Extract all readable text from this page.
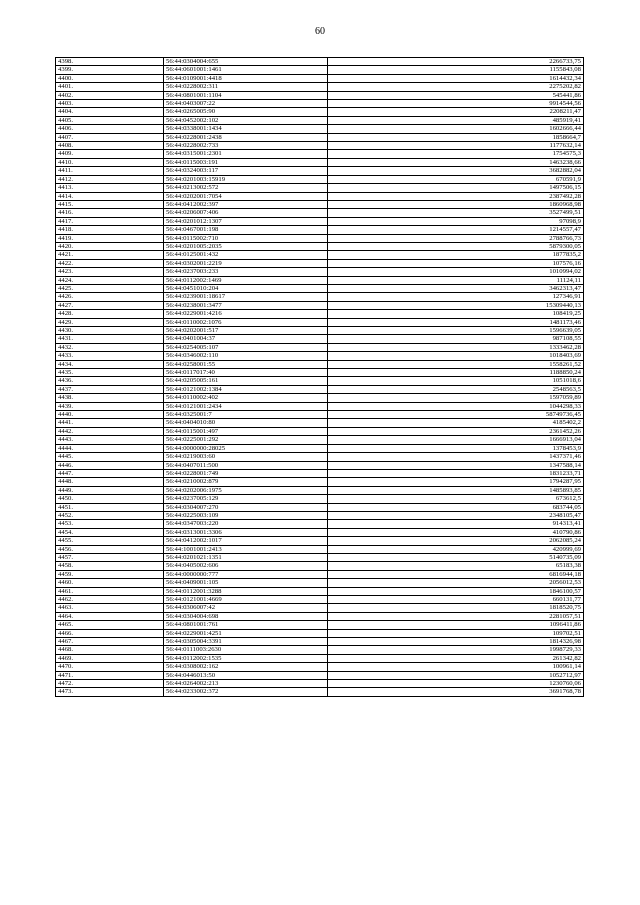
60
4398.	56:44:0304004:655	2266733,75
4399.	56:44:0601001:1461	1155843,08
4400.	56:44:0109001:4418	1614432,34
4401.	56:44:0228002:311	2275202,82
4402.	56:44:0801001:1104	545441,86
4403.	56:44:0403007:22	9914544,56
4404.	56:44:0265005:90	2208211,47
4405.	56:44:0452002:102	485919,41
4406.	56:44:0338001:1434	1602666,44
4407.	56:44:0228001:2438	1858664,7
4408.	56:44:0228002:733	1177632,14
4409.	56:44:0315001:2301	1754575,3
4410.	56:44:0115003:191	1463238,66
4411.	56:44:0324003:117	3682882,04
4412.	56:44:0201003:15919	670591,9
4413.	56:44:0213002:572	1497506,15
4414.	56:44:0202001:7054	2387492,28
4415.	56:44:0412002:397	1860968,98
4416.	56:44:0206007:406	3527499,51
4417.	56:44:0201012:1307	97098,9
4418.	56:44:0467001:198	1214557,47
4419.	56:44:0115002:710	2788766,73
4420.	56:44:0201005:2035	5879300,05
4421.	56:44:0125001:432	1877835,2
4422.	56:44:0302001:2219	107576,16
4423.	56:44:0237003:233	1010994,02
4424.	56:44:0112002:1469	11124,11
4425.	56:44:0451010:204	3462313,47
4426.	56:44:0239001:18617	127346,91
4427.	56:44:0238001:3477	15309440,13
4428.	56:44:0229001:4216	108419,25
4429.	56:44:0110002:1076	1481173,46
4430.	56:44:0202001:517	1596639,05
4431.	56:44:0401004:37	987108,55
4432.	56:44:0254005:107	1333462,28
4433.	56:44:0346002:110	1018403,69
4434.	56:44:0258001:55	1558261,52
4435.	56:44:0117017:40	1188850,24
4436.	56:44:0205005:161	1051018,6
4437.	56:44:0121002:1384	2548563,5
4438.	56:44:0110002:402	1597059,89
4439.	56:44:0121001:2434	1044298,33
4440.	56:44:0325001:7	58749736,45
4441.	56:44:0404010:80	4185402,2
4442.	56:44:0115001:497	2361452,26
4443.	56:44:0225001:292	1666913,04
4444.	56:44:0000000:28025	1378453,9
4445.	56:44:0219003:60	1437371,46
4446.	56:44:0407011:500	1347588,14
4447.	56:44:0228001:749	1831233,71
4448.	56:44:0210002:879	1794287,95
4449.	56:44:0202006:1975	1485893,85
4450.	56:44:0237005:129	673612,5
4451.	56:44:0304007:270	683744,05
4452.	56:44:0225003:109	2348105,47
4453.	56:44:0347003:220	914313,41
4454.	56:44:0313001:3306	410790,86
4455.	56:44:0412002:1017	2062085,24
4456.	56:44:1001001:2413	420999,69
4457.	56:44:0201021:1351	5140735,09
4458.	56:44:0405002:606	65183,38
4459.	56:44:0000000:777	6816944,18
4460.	56:44:0409001:105	2056012,53
4461.	56:44:0112001:3288	1846100,57
4462.	56:44:0121001:4669	660131,77
4463.	56:44:0306007:42	1818520,75
4464.	56:44:0304004:698	2281057,51
4465.	56:44:0801001:761	1096411,86
4466.	56:44:0229001:4251	109702,51
4467.	56:44:0305004:3391	1814326,98
4468.	56:44:0111003:2630	1998729,33
4469.	56:44:0112002:1535	261342,82
4470.	56:44:0308002:162	100961,14
4471.	56:44:0446013:50	1052712,97
4472.	56:44:0264002:213	1230760,06
4473.	56:44:0233002:372	3691768,78
